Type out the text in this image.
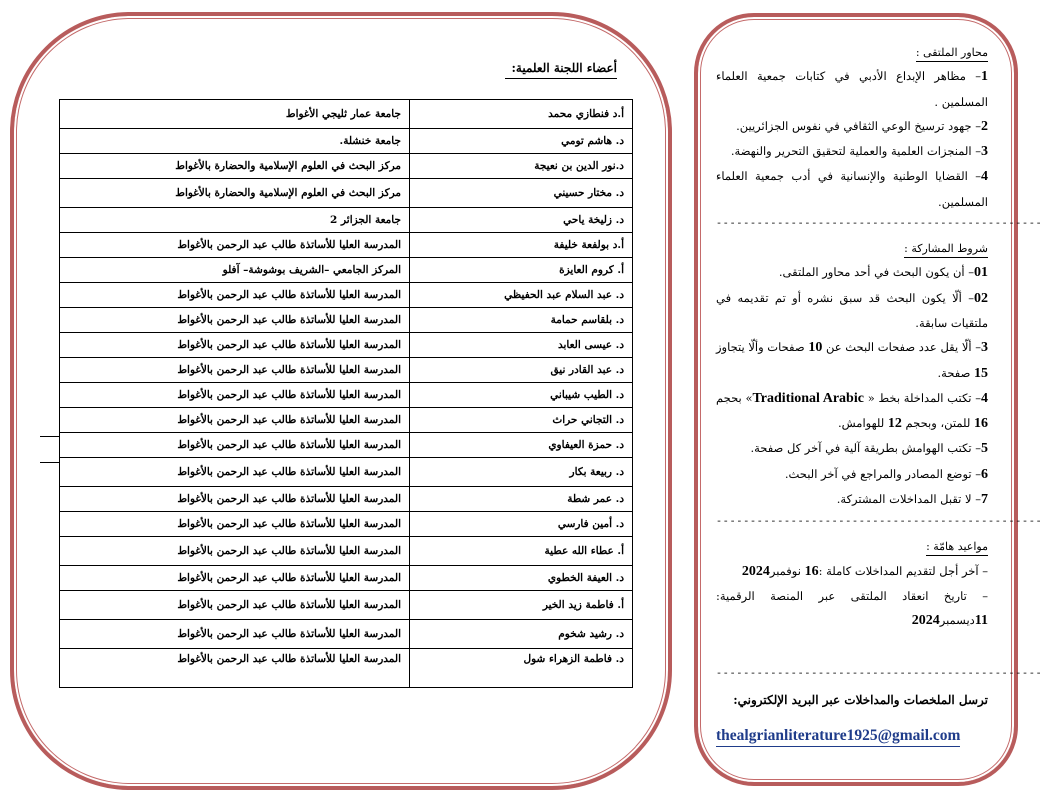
أعضاء اللجنة العلمية:
أ.د فنطازي محمد	جامعة عمار ثليجي الأغواط
د. هاشم تومي	جامعة خنشلة.
د.نور الدين بن نعيجة	مركز البحث في العلوم الإسلامية والحضارة بالأغواط
د. مختار حسيني	مركز البحث في العلوم الإسلامية والحضارة بالأغواط
د. زليخة ياحي	جامعة الجزائر 2
أ.د بولفعة خليفة	المدرسة العليا للأساتذة طالب عبد الرحمن بالأغواط
أ. كروم العايزة	المركز الجامعي –الشريف بوشوشة– آفلو
د. عبد السلام عبد الحفيظي	المدرسة العليا للأساتذة طالب عبد الرحمن بالأغواط
د. بلقاسم حمامة	المدرسة العليا للأساتذة طالب عبد الرحمن بالأغواط
د. عيسى العابد	المدرسة العليا للأساتذة طالب عبد الرحمن بالأغواط
د. عبد القادر نيق	المدرسة العليا للأساتذة طالب عبد الرحمن بالأغواط
د. الطيب شيباني	المدرسة العليا للأساتذة طالب عبد الرحمن بالأغواط
د. التجاني حراث	المدرسة العليا للأساتذة طالب عبد الرحمن بالأغواط
د. حمزة العيفاوي	المدرسة العليا للأساتذة طالب عبد الرحمن بالأغواط
د. ربيعة بكار	المدرسة العليا للأساتذة طالب عبد الرحمن بالأغواط
د. عمر شطة	المدرسة العليا للأساتذة طالب عبد الرحمن بالأغواط
د. أمين فارسي	المدرسة العليا للأساتذة طالب عبد الرحمن بالأغواط
أ. عطاء الله عطية	المدرسة العليا للأساتذة طالب عبد الرحمن بالأغواط
د. العيفة الخطوي	المدرسة العليا للأساتذة طالب عبد الرحمن بالأغواط
أ. فاطمة زيد الخير	المدرسة العليا للأساتذة طالب عبد الرحمن بالأغواط
د. رشيد شخوم	المدرسة العليا للأساتذة طالب عبد الرحمن بالأغواط
د. فاطمة الزهراء شول	المدرسة العليا للأساتذة طالب عبد الرحمن بالأغواط
محاور الملتقى :
1– مظاهر الإبداع الأدبي في كتابات جمعية العلماء المسلمين .
2– جهود ترسيخ الوعي الثقافي في نفوس الجزائريين.
3– المنجزات العلمية والعملية لتحقيق التحرير والنهضة.
4– القضايا الوطنية والإنسانية في أدب جمعية العلماء المسلمين.
------------------------------------------------
شروط المشاركة :
01– أن يكون البحث في أحد محاور الملتقى.
02– ألّا يكون البحث قد سبق نشره أو تم تقديمه في ملتقيات سابقة.
3– ألّا يقل عدد صفحات البحث عن 10 صفحات وألّا يتجاوز 15 صفحة.
4– تكتب المداخلة بخط « Traditional Arabic» بحجم 16 للمتن، وبحجم 12 للهوامش.
5– تكتب الهوامش بطريقة آلية في آخر كل صفحة.
6– توضع المصادر والمراجع في آخر البحث.
7– لا تقبل المداخلات المشتركة.
------------------------------------------------
مواعيد هامّة :
– آخر أجل لتقديم المداخلات كاملة :16 نوفمبر2024
– تاريخ انعقاد الملتقى عبر المنصة الرقمية: 11ديسمبر2024
------------------------------------------------
ترسل الملخصات والمداخلات عبر البريد الإلكتروني:
thealgrianliterature1925@gmail.com
